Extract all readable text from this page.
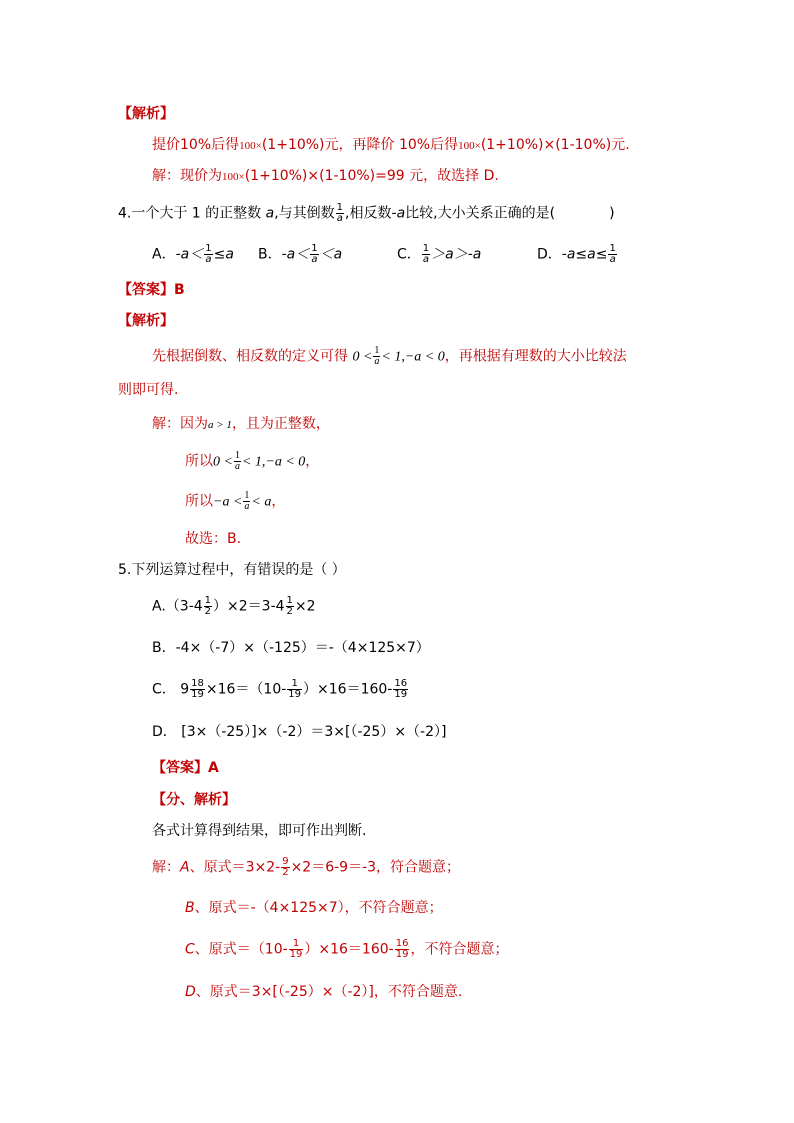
【解析】
提价10%后得100×(1+10%)元，再降价 10%后得100×(1+10%)×(1-10%)元.
解：现价为100×(1+10%)×(1-10%)=99 元，故选择 D.
4.一个大于 1 的正整数 a,与其倒数 $\frac{1}{a}$ ,相反数-a比较,大小关系正确的是(	)
A．$-a< \frac{1}{a} \le a$ B．$-a< \frac{1}{a} <a$	C． $\frac{1}{a} >a>-a$	D．$-a\le a\le \frac{1}{a}$
【答案】B
【解析】
先根据倒数、相反数的定义可得 $0 < \frac{1}{a} < 1,-a < 0$，再根据有理数的大小比较法
则即可得.
解：因为a > 1，且为正整数，
所以$0 < \frac{1}{a} < 1,-a < 0$，
所以$-a < \frac{1}{a} < a$，
故选：B.
5.下列运算过程中，有错误的是（ ）
$A.(3-4 \frac{1}{2} )\times 2=3-4 \frac{1}{2} \times 2$
B．-4×（-7）×（-125）＝-（4×125×7）
C． $9 \frac{18}{19} \times 16=(10- \frac{1}{19} )\times 16=160- \frac{16}{19}$
D． [3×（-25）]×（-2）＝3×[（-25）×（-2）]
【答案】A
【分、解析】
各式计算得到结果，即可作出判断.
解：A、原式$=3\times 2- \frac{9}{2} \times 2=6-9=-3$，符合题意；
B、原式＝-（4×125×7），不符合题意；
C、原式$=(10- \frac{1}{19} )\times 16=160- \frac{16}{19}$ ，不符合题意；
D、原式＝3×[（-25）×（-2）]，不符合题意.
